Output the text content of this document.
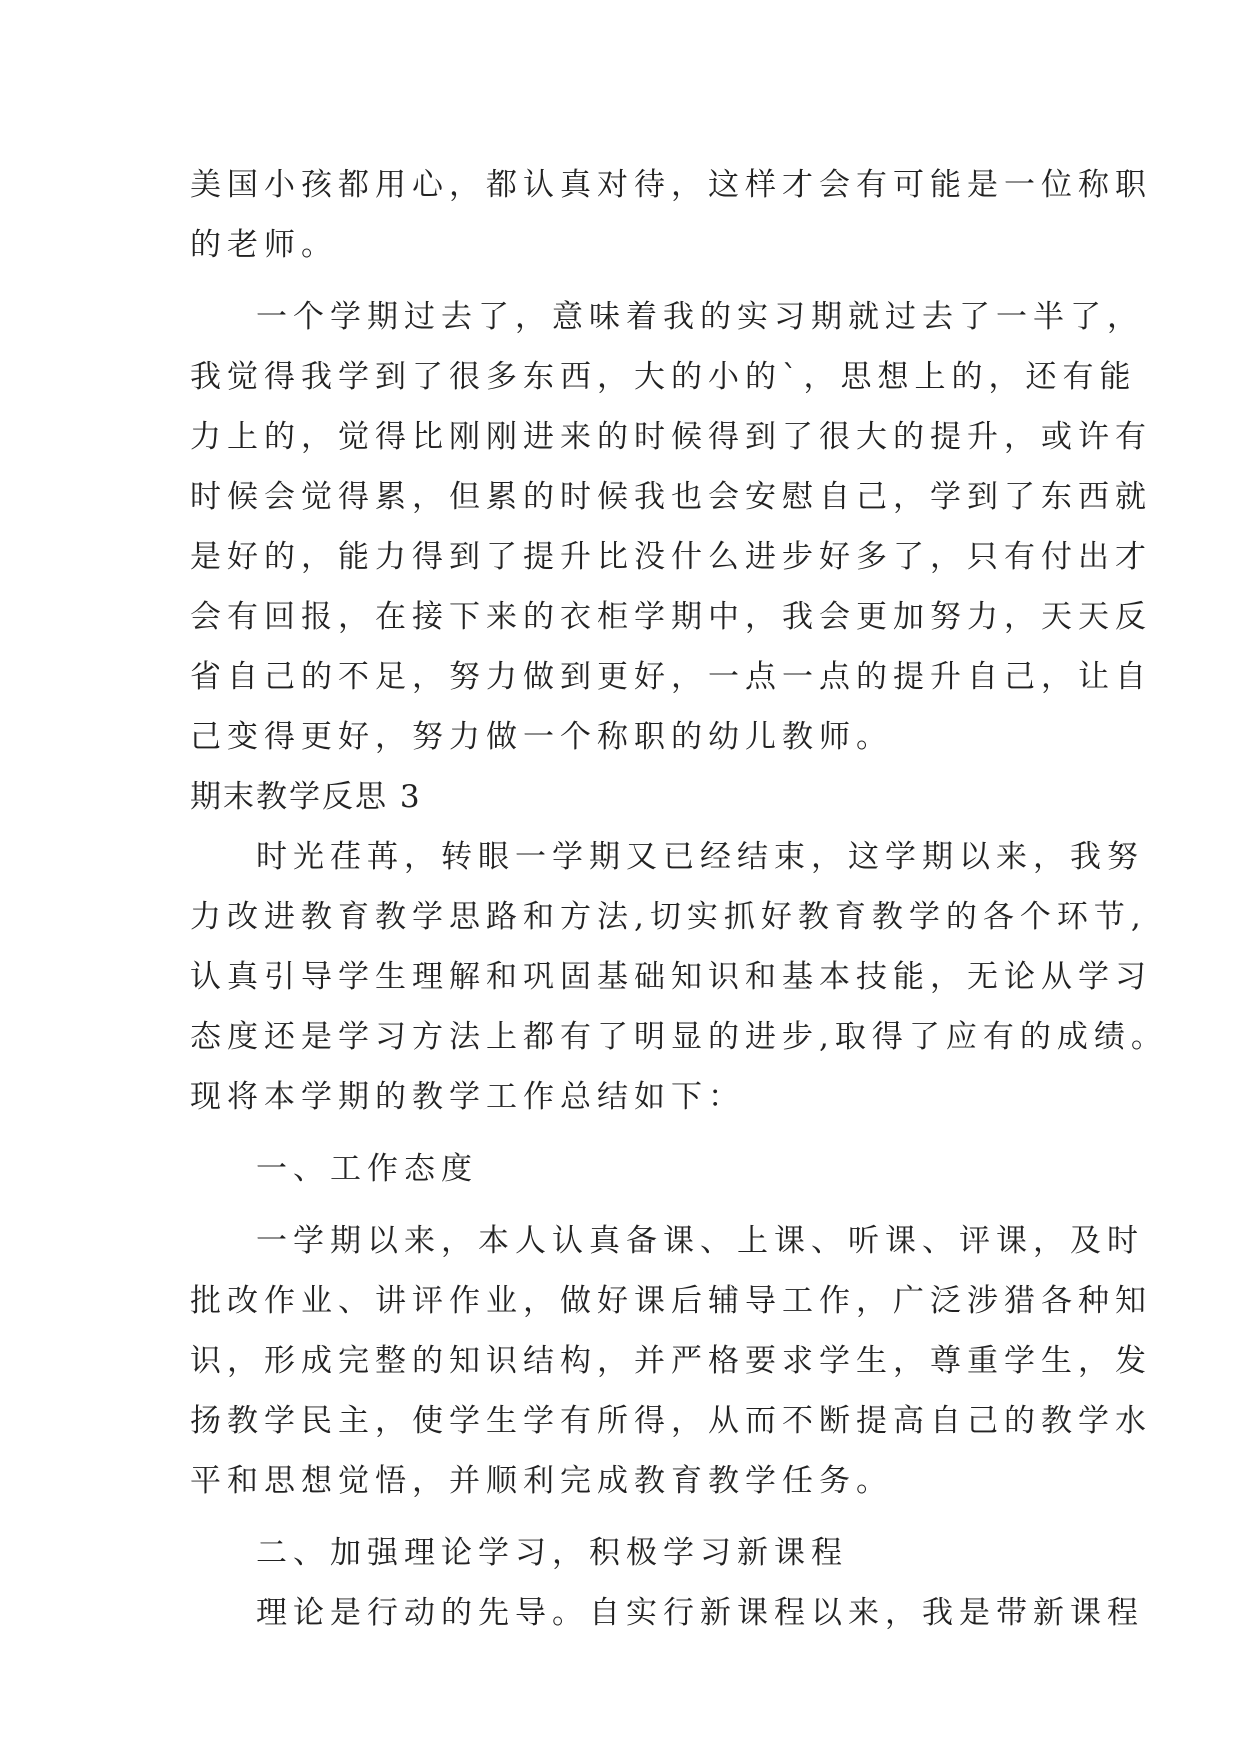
美国小孩都用心，都认真对待，这样才会有可能是一位称职
的老师。
一个学期过去了，意味着我的实习期就过去了一半了，
我觉得我学到了很多东西，大的小的`，思想上的，还有能
力上的，觉得比刚刚进来的时候得到了很大的提升，或许有
时候会觉得累，但累的时候我也会安慰自己，学到了东西就
是好的，能力得到了提升比没什么进步好多了，只有付出才
会有回报，在接下来的衣柜学期中，我会更加努力，天天反
省自己的不足，努力做到更好，一点一点的提升自己，让自
己变得更好，努力做一个称职的幼儿教师。
期末教学反思 3
时光荏苒，转眼一学期又已经结束，这学期以来，我努
力改进教育教学思路和方法,切实抓好教育教学的各个环节,
认真引导学生理解和巩固基础知识和基本技能，无论从学习
态度还是学习方法上都有了明显的进步,取得了应有的成绩。
现将本学期的教学工作总结如下：
一、工作态度
一学期以来，本人认真备课、上课、听课、评课，及时
批改作业、讲评作业，做好课后辅导工作，广泛涉猎各种知
识，形成完整的知识结构，并严格要求学生，尊重学生，发
扬教学民主，使学生学有所得，从而不断提高自己的教学水
平和思想觉悟，并顺利完成教育教学任务。
二、加强理论学习，积极学习新课程
理论是行动的先导。自实行新课程以来，我是带新课程
